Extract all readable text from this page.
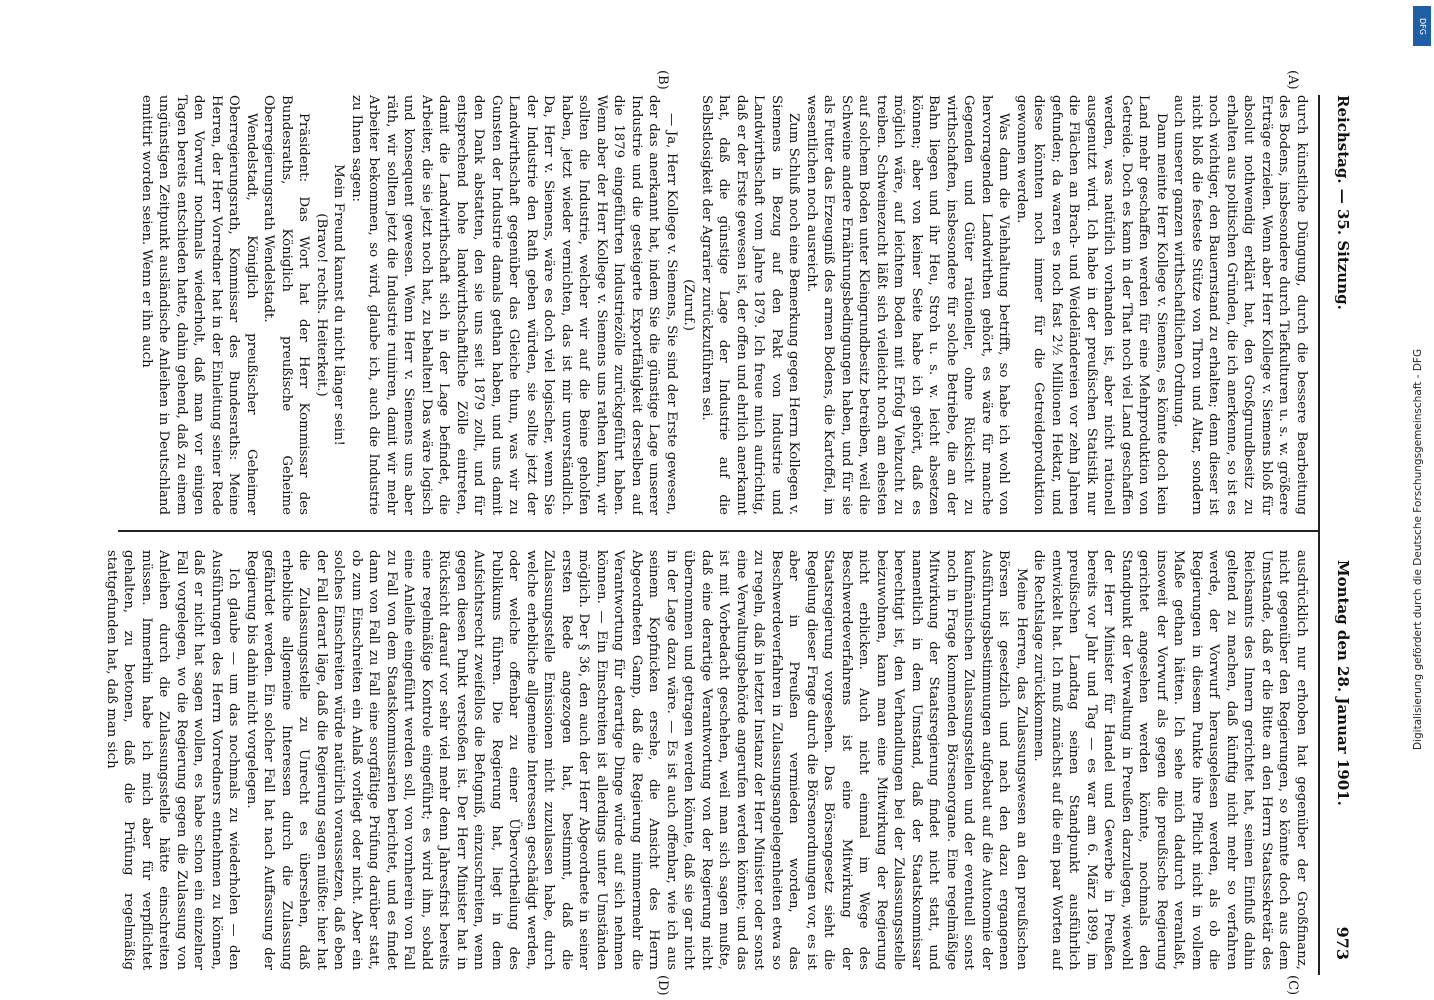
Reichstag. — 35. Sitzung.
Montag den 28. Januar 1901.
973
(A)
(B)
(C)
(D)

durch künstliche Düngung, durch die bessere Bearbeitung des Bodens, insbesondere durch Tiefkulturen u. s. w. größere Erträge erzielen. Wenn aber Herr Kollege v. Siemens bloß für absolut nothwendig erklärt hat, den Großgrundbesitz zu erhalten aus politischen Gründen, die ich anerkenne, so ist es noch wichtiger, den Bauernstand zu erhalten; denn dieser ist nicht bloß die festeste Stütze von Thron und Altar, sondern auch unserer ganzen wirthschaftlichen Ordnung.

Dann meinte Herr Kollege v. Siemens, es könnte doch kein Land mehr geschaffen werden für eine Mehrproduktion von Getreide. Doch es kann in der That noch viel Land geschaffen werden, was natürlich vorhanden ist, aber nicht rationell ausgenutzt wird. Ich habe in der preußischen Statistik nur die Flächen an Brach- und Weideländereien vor zehn Jahren gefunden; da waren es noch fast 2½ Millionen Hektar, und diese könnten noch immer für die Getreideproduktion gewonnen werden.

Was dann die Viehhaltung betrifft, so habe ich wohl von hervorragenden Landwirthen gehört, es wäre für manche Gegenden und Güter rationeller, ohne Rücksicht zu wirthschaften, insbesondere für solche Betriebe, die an der Bahn liegen und ihr Heu, Stroh u. s. w. leicht absetzen können; aber von keiner Seite habe ich gehört, daß es möglich wäre, auf leichtem Boden mit Erfolg Viehzucht zu treiben. Schweinezucht läßt sich vielleicht noch am ehesten auf solchem Boden unter Kleingrundbesitz betreiben, weil die Schweine andere Ernährungsbedingungen haben, und für sie als Futter das Erzeugniß des armen Bodens, die Kartoffel, im wesentlichen noch ausreicht.

Zum Schluß noch eine Bemerkung gegen Herrn Kollegen v. Siemens in Bezug auf den Pakt von Industrie und Landwirthschaft vom Jahre 1879. Ich freue mich aufrichtig, daß er der Erste gewesen ist, der offen und ehrlich anerkannt hat, daß die günstige Lage der Industrie auf die Selbstlosigkeit der Agrarier zurückzuführen sei.

(Zuruf.)

— Ja, Herr Kollege v. Siemens, Sie sind der Erste gewesen, der das anerkannt hat, indem Sie die günstige Lage unserer Industrie und die gesteigerte Exportfähigkeit derselben auf die 1879 eingeführten Industriezölle zurückgeführt haben. Wenn aber der Herr Kollege v. Siemens uns rathen kann, wir sollten die Industrie, welcher wir auf die Beine geholfen haben, jetzt wieder vernichten, das ist mir unverständlich. Da, Herr v. Siemens, wäre es doch viel logischer, wenn Sie der Industrie den Rath geben würden, sie sollte jetzt der Landwirthschaft gegenüber das Gleiche thun, was wir zu Gunsten der Industrie damals gethan haben, und uns damit den Dank abstatten, den sie uns seit 1879 zollt, und für entsprechend hohe landwirthschaftliche Zölle eintreten, damit die Landwirthschaft sich in der Lage befindet, die Arbeiter, die sie jetzt noch hat, zu behalten! Das wäre logisch und konsequent gewesen. Wenn Herr v. Siemens uns aber räth, wir sollten jetzt die Industrie ruiniren, damit wir mehr Arbeiter bekommen, so wird, glaube ich, auch die Industrie zu Ihnen sagen:

Mein Freund kannst du nicht länger sein!

(Bravo! rechts. Heiterkeit.)

Präsident: Das Wort hat der Herr Kommissar des Bundesraths, Königlich preußische Geheime Oberregierungsrath Wendelstadt.

Wendelstadt, Königlich preußischer Geheimer Oberregierungsrath, Kommissar des Bundesraths: Meine Herren, der Herr Vorredner hat in der Einleitung seiner Rede den Vorwurf nochmals wiederholt, daß man vor einigen Tagen bereits entschieden hatte, dahin gehend, daß zu einem ungünstigen Zeitpunkt ausländische Anleihen in Deutschland emittirt worden seien. Wenn er ihn auch

ausdrücklich nur erhoben hat gegenüber der Großfinanz, nicht gegenüber den Regierungen, so könnte doch aus dem Umstande, daß er die Bitte an den Herrn Staatssekretär des Reichsamts des Innern gerichtet hat, seinen Einfluß dahin geltend zu machen, daß künftig nicht mehr so verfahren werde, der Vorwurf herausgelesen werden, als ob die Regierungen in diesem Punkte ihre Pflicht nicht in vollem Maße gethan hätten. Ich sehe mich dadurch veranlaßt, insoweit der Vorwurf als gegen die preußische Regierung gerichtet angesehen werden könnte, nochmals den Standpunkt der Verwaltung in Preußen darzulegen, wiewohl der Herr Minister für Handel und Gewerbe in Preußen bereits vor Jahr und Tag — es war am 6. März 1899, im preußischen Landtag seinen Standpunkt ausführlich entwickelt hat. Ich muß zunächst auf die ein paar Worten auf die Rechtslage zurückkommen.

Meine Herren, das Zulassungswesen an den preußischen Börsen ist gesetzlich und nach den dazu ergangenen Ausführungsbestimmungen aufgebaut auf die Autonomie der kaufmännischen Zulassungsstellen und der eventuell sonst noch in Frage kommenden Börsenorgane. Eine regelmäßige Mitwirkung der Staatsregierung findet nicht statt, und namentlich in dem Umstand, daß der Staatskommissar berechtigt ist, den Verhandlungen bei der Zulassungsstelle beizuwohnen, kann man eine Mitwirkung der Regierung nicht erblicken. Auch nicht einmal im Wege des Beschwerdeverfahrens ist eine Mitwirkung der Staatsregierung vorgesehen. Das Börsengesetz sieht die Regelung dieser Frage durch die Börsenordnungen vor, es ist aber in Preußen vermieden worden, das Beschwerdeverfahren in Zulassungsangelegenheiten etwa so zu regeln, daß in letzter Instanz der Herr Minister oder sonst eine Verwaltungsbehörde angerufen werden könnte; und das ist mit Vorbedacht geschehen, weil man sich sagen mußte, daß eine derartige Verantwortung von der Regierung nicht übernommen und getragen werden könnte, daß sie gar nicht in der Lage dazu wäre. — Es ist auch offenbar, wie ich aus seinem Kopfnicken ersehe, die Ansicht des Herrn Abgeordneten Gamp, daß die Regierung nimmermehr die Verantwortung für derartige Dinge würde auf sich nehmen können. — Ein Einschreiten ist allerdings unter Umständen möglich. Der § 36, den auch der Herr Abgeordnete in seiner ersten Rede angezogen hat, bestimmt, daß die Zulassungsstelle Emissionen nicht zuzulassen habe, durch welche erhebliche allgemeine Interessen geschädigt werden, oder welche offenbar zu einer Übervortheilung des Publikums führen. Die Regierung hat, liegt in dem Aufsichtsrecht zweifellos die Befugniß, einzuschreiten, wenn gegen diesen Punkt verstoßen ist. Der Herr Minister hat in Rücksicht darauf vor sehr viel mehr denn Jahresfrist bereits eine regelmäßige Kontrole eingeführt; es wird ihm, sobald eine Anleihe eingeführt werden soll, von vornherein von Fall zu Fall von dem Staatskommissarien berichtet, und es findet dann von Fall zu Fall eine sorgfältige Prüfung darüber statt, ob zum Einschreiten ein Anlaß vorliegt oder nicht. Aber ein solches Einschreiten würde natürlich voraussetzen, daß eben der Fall derart läge, daß die Regierung sagen müßte: hier hat die Zulassungsstelle zu Unrecht es übersehen, daß erhebliche allgemeine Interessen durch die Zulassung gefährdet werden. Ein solcher Fall hat nach Auffassung der Regierung bis dahin nicht vorgelegen.

Ich glaube — um das nochmals zu wiederholen — den Ausführungen des Herrn Vorredners entnehmen zu können, daß er nicht hat sagen wollen, es habe schon ein einzelner Fall vorgelegen, wo die Regierung gegen die Zulassung von Anleihen durch die Zulassungsstelle hätte einschreiten müssen. Immerhin habe ich mich aber für verpflichtet gehalten, zu betonen, daß die Prüfung regelmäßig stattgefunden hat, daß man sich

DFG
Digitalisierung gefördert durch die Deutsche Forschungsgemeinschaft - DFG
